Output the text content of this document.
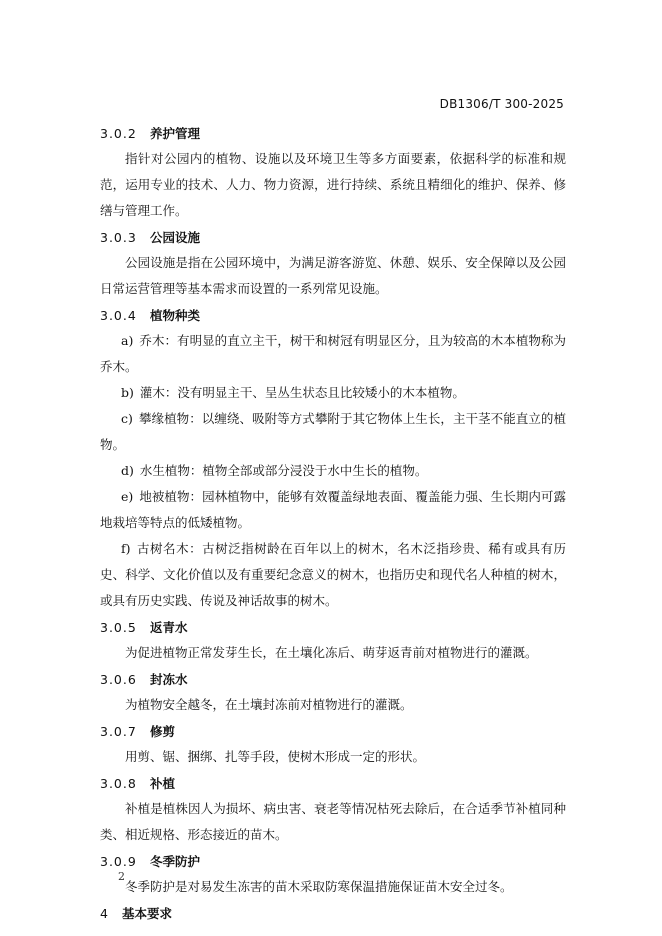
DB1306/T 300-2025
3.0.2	养护管理

指针对公园内的植物、设施以及环境卫生等多方面要素，依据科学的标准和规范，运用专业的技术、人力、物力资源，进行持续、系统且精细化的维护、保养、修缮与管理工作。

3.0.3	公园设施

公园设施是指在公园环境中，为满足游客游览、休憩、娱乐、安全保障以及公园日常运营管理等基本需求而设置的一系列常见设施。

3.0.4	植物种类

a) 乔木：有明显的直立主干，树干和树冠有明显区分，且为较高的木本植物称为乔木。

b) 灌木：没有明显主干、呈丛生状态且比较矮小的木本植物。

c) 攀缘植物：以缠绕、吸附等方式攀附于其它物体上生长，主干茎不能直立的植物。

d) 水生植物：植物全部或部分浸没于水中生长的植物。

e) 地被植物：园林植物中，能够有效覆盖绿地表面、覆盖能力强、生长期内可露地栽培等特点的低矮植物。

f) 古树名木：古树泛指树龄在百年以上的树木，名木泛指珍贵、稀有或具有历史、科学、文化价值以及有重要纪念意义的树木，也指历史和现代名人种植的树木，或具有历史实践、传说及神话故事的树木。

3.0.5	返青水

为促进植物正常发芽生长，在土壤化冻后、萌芽返青前对植物进行的灌溉。

3.0.6	封冻水

为植物安全越冬，在土壤封冻前对植物进行的灌溉。

3.0.7	修剪

用剪、锯、捆绑、扎等手段，使树木形成一定的形状。

3.0.8	补植

补植是植株因人为损坏、病虫害、衰老等情况枯死去除后，在合适季节补植同种类、相近规格、形态接近的苗木。

3.0.9	冬季防护

冬季防护是对易发生冻害的苗木采取防寒保温措施保证苗木安全过冬。

4	基本要求
2
